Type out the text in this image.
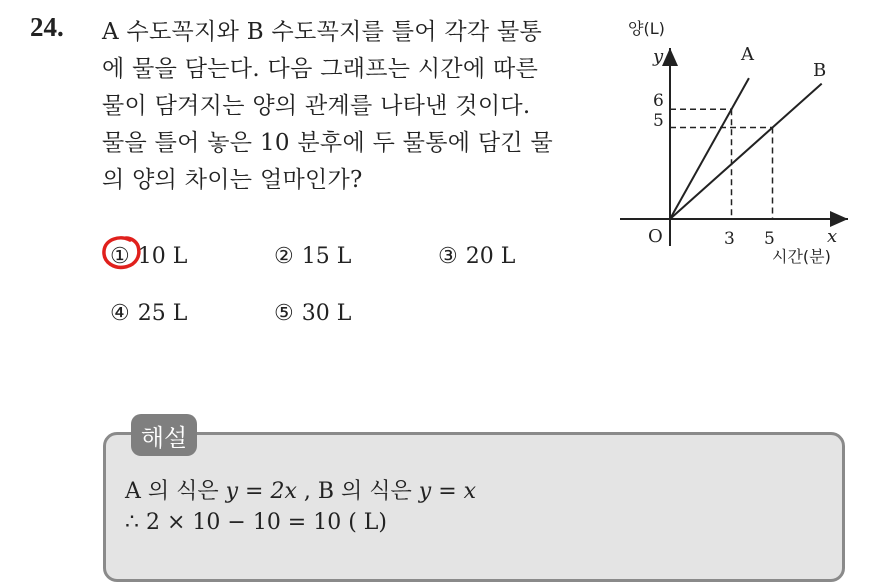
24. A 수도꼭지와 B 수도꼭지를 틀어 각각 물통
에 물을 담는다. 다음 그래프는 시간에 따른
물이 담겨지는 양의 관계를 나타낸 것이다.
물을 틀어 놓은 10 분후에 두 물통에 담긴 물
의 양의 차이는 얼마인가?
① 10 L	② 15 L	③ 20 L
④ 25 L	⑤ 30 L
양(L)
y
x
시간(분)
O	3 5
6
5
A
B
해설
A 의 식은 y = 2x , B 의 식은 y = x
∴ 2 × 10 − 10 = 10 ( L)
